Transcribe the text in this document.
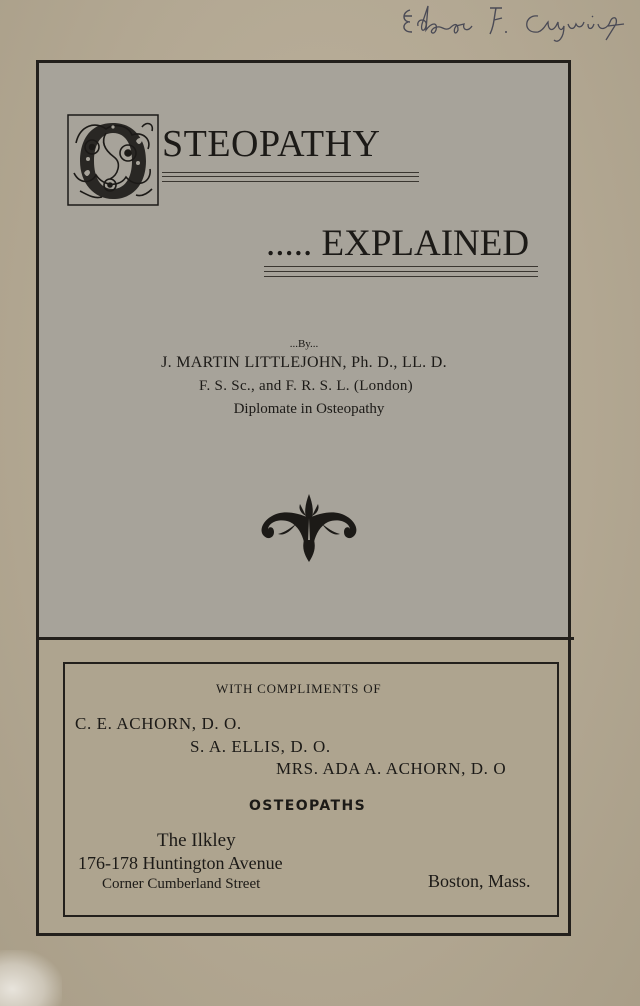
STEOPATHY
..... EXPLAINED
...By...
J. MARTIN LITTLEJOHN, Ph. D., LL. D.
F. S. Sc., and F. R. S. L. (London)
Diplomate in Osteopathy
WITH COMPLIMENTS OF
C. E. ACHORN, D. O.
S. A. ELLIS, D. O.
MRS. ADA A. ACHORN, D. O
OSTEOPATHS
The Ilkley
176-178 Huntington Avenue
Corner Cumberland Street	Boston, Mass.
